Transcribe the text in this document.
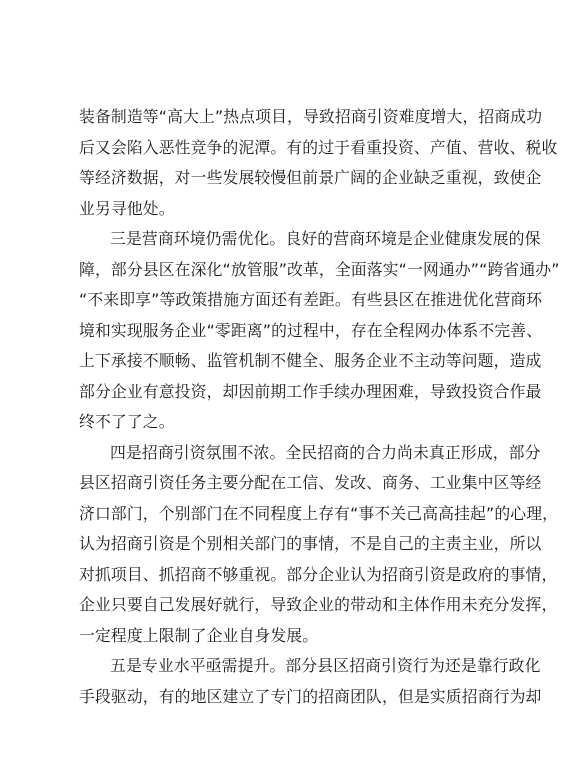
装备制造等“高大上”热点项目，导致招商引资难度增大，招商成功
后又会陷入恶性竞争的泥潭。有的过于看重投资、产值、营收、税收
等经济数据，对一些发展较慢但前景广阔的企业缺乏重视，致使企
业另寻他处。
三是营商环境仍需优化。良好的营商环境是企业健康发展的保
障，部分县区在深化“放管服”改革，全面落实“一网通办”“跨省通办”
“不来即享”等政策措施方面还有差距。有些县区在推进优化营商环
境和实现服务企业“零距离”的过程中，存在全程网办体系不完善、
上下承接不顺畅、监管机制不健全、服务企业不主动等问题，造成
部分企业有意投资，却因前期工作手续办理困难，导致投资合作最
终不了了之。
四是招商引资氛围不浓。全民招商的合力尚未真正形成，部分
县区招商引资任务主要分配在工信、发改、商务、工业集中区等经
济口部门，个别部门在不同程度上存有“事不关己高高挂起”的心理，
认为招商引资是个别相关部门的事情，不是自己的主责主业，所以
对抓项目、抓招商不够重视。部分企业认为招商引资是政府的事情，
企业只要自己发展好就行，导致企业的带动和主体作用未充分发挥，
一定程度上限制了企业自身发展。
五是专业水平亟需提升。部分县区招商引资行为还是靠行政化
手段驱动，有的地区建立了专门的招商团队，但是实质招商行为却
